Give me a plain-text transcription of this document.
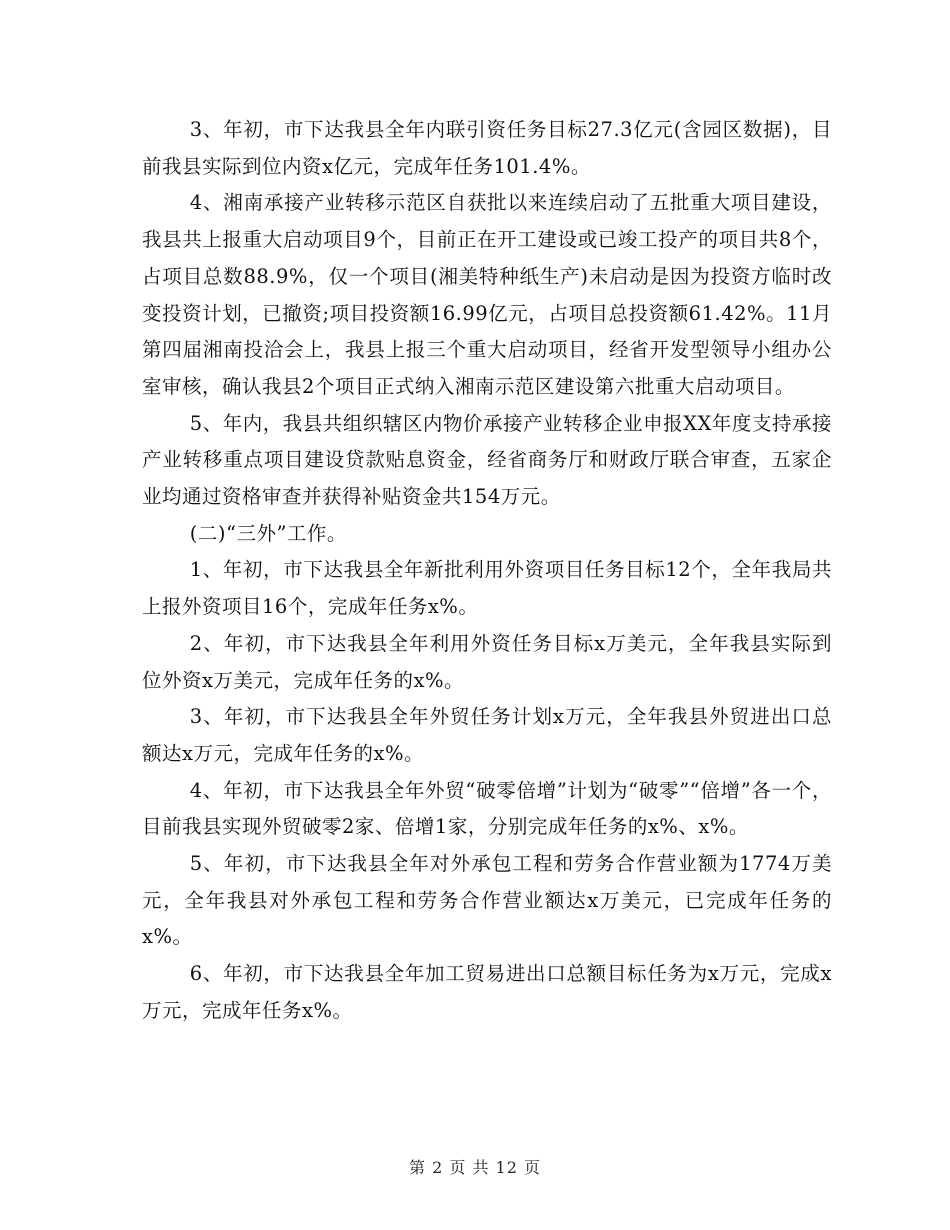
3、年初，市下达我县全年内联引资任务目标27.3亿元(含园区数据)，目前我县实际到位内资x亿元，完成年任务101.4%。

4、湘南承接产业转移示范区自获批以来连续启动了五批重大项目建设，我县共上报重大启动项目9个，目前正在开工建设或已竣工投产的项目共8个，占项目总数88.9%，仅一个项目(湘美特种纸生产)未启动是因为投资方临时改变投资计划，已撤资;项目投资额16.99亿元，占项目总投资额61.42%。11月第四届湘南投洽会上，我县上报三个重大启动项目，经省开发型领导小组办公室审核，确认我县2个项目正式纳入湘南示范区建设第六批重大启动项目。

5、年内，我县共组织辖区内物价承接产业转移企业申报XX年度支持承接产业转移重点项目建设贷款贴息资金，经省商务厅和财政厅联合审查，五家企业均通过资格审查并获得补贴资金共154万元。

(二)“三外”工作。

1、年初，市下达我县全年新批利用外资项目任务目标12个，全年我局共上报外资项目16个，完成年任务x%。

2、年初，市下达我县全年利用外资任务目标x万美元，全年我县实际到位外资x万美元，完成年任务的x%。

3、年初，市下达我县全年外贸任务计划x万元，全年我县外贸进出口总额达x万元，完成年任务的x%。

4、年初，市下达我县全年外贸“破零倍增”计划为“破零”“倍增”各一个，目前我县实现外贸破零2家、倍增1家，分别完成年任务的x%、x%。

5、年初，市下达我县全年对外承包工程和劳务合作营业额为1774万美元，全年我县对外承包工程和劳务合作营业额达x万美元，已完成年任务的x%。

6、年初，市下达我县全年加工贸易进出口总额目标任务为x万元，完成x万元，完成年任务x%。

第 2 页 共 12 页
